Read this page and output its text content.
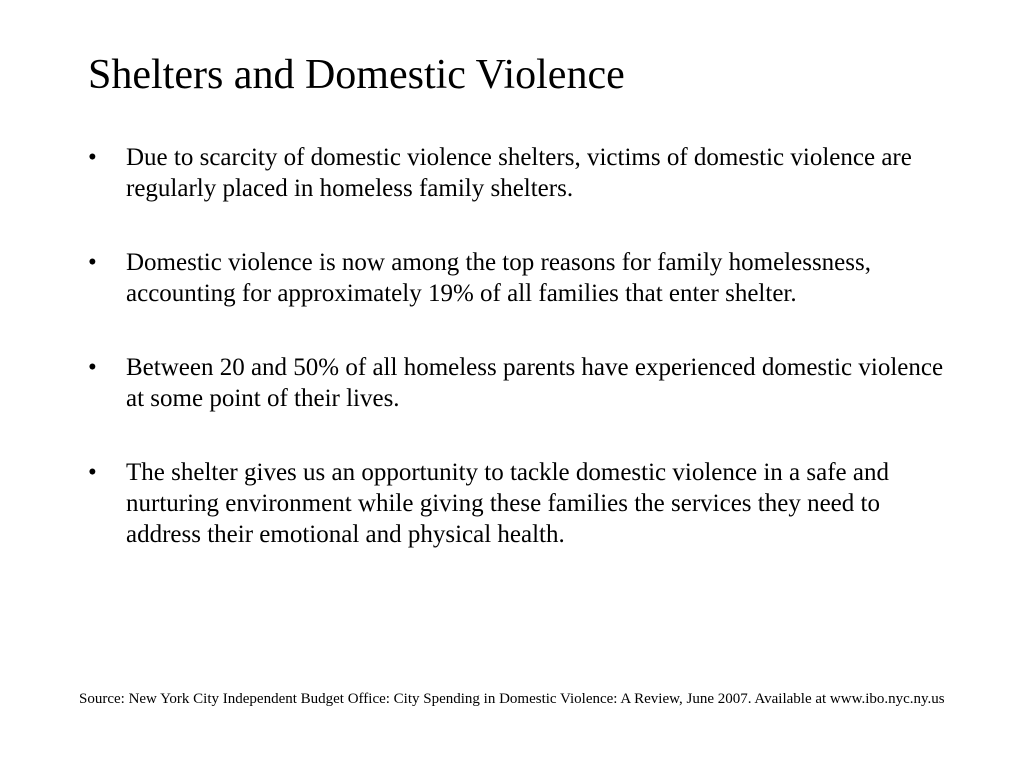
Shelters and Domestic Violence
• Due to scarcity of domestic violence shelters, victims of domestic violence are regularly placed in homeless family shelters.
• Domestic violence is now among the top reasons for family homelessness, accounting for approximately 19% of all families that enter shelter.
• Between 20 and 50% of all homeless parents have experienced domestic violence at some point of their lives.
• The shelter gives us an opportunity to tackle domestic violence in a safe and nurturing environment while giving these families the services they need to address their emotional and physical health.

Source: New York City Independent Budget Office: City Spending in Domestic Violence: A Review, June 2007. Available at www.ibo.nyc.ny.us
